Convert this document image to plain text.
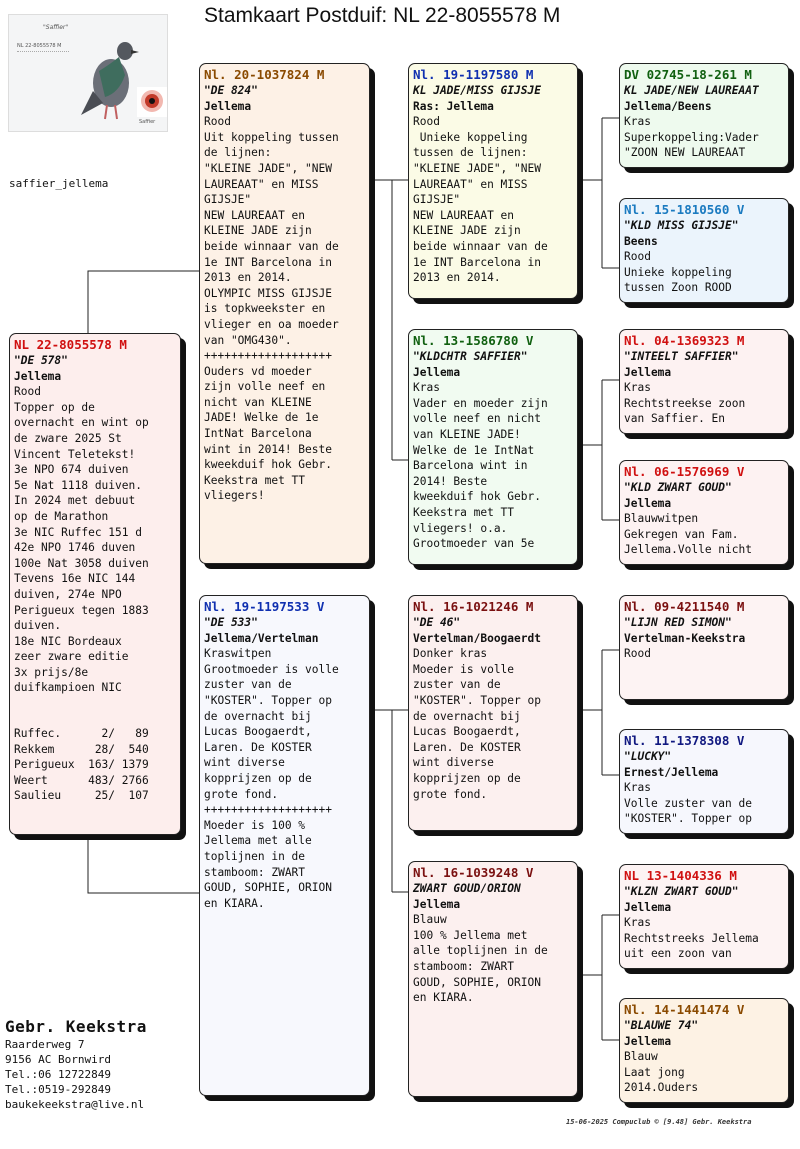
Stamkaart Postduif: NL 22-8055578 M
"Saffier"
NL 22-8055578 M
Saffier
saffier_jellema
NL 22-8055578 M
"DE 578"
Jellema
Rood
Topper op de
overnacht en wint op
de zware 2025 St
Vincent Teletekst!
3e NPO 674 duiven
5e Nat 1118 duiven.
In 2024 met debuut
op de Marathon
3e NIC Ruffec 151 d
42e NPO 1746 duven
100e Nat 3058 duiven
Tevens 16e NIC 144
duiven, 274e NPO
Perigueux tegen 1883
duiven.
18e NIC Bordeaux
zeer zware editie
3x prijs/8e
duifkampioen NIC
Ruffec.      2/   89
Rekkem      28/  540
Perigueux  163/ 1379
Weert      483/ 2766
Saulieu     25/  107
Nl. 20-1037824 M
"DE 824"
Jellema
Rood
Uit koppeling tussen
de lijnen:
"KLEINE JADE", "NEW
LAUREAAT" en MISS
GIJSJE"
NEW LAUREAAT en
KLEINE JADE zijn
beide winnaar van de
1e INT Barcelona in
2013 en 2014.
OLYMPIC MISS GIJSJE
is topkweekster en
vlieger en oa moeder
van "OMG430".
+++++++++++++++++++
Ouders vd moeder
zijn volle neef en
nicht van KLEINE
JADE! Welke de 1e
IntNat Barcelona
wint in 2014! Beste
kweekduif hok Gebr.
Keekstra met TT
vliegers!
Nl. 19-1197533 V
"DE 533"
Jellema/Vertelman
Kraswitpen
Grootmoeder is volle
zuster van de
"KOSTER". Topper op
de overnacht bij
Lucas Boogaerdt,
Laren. De KOSTER
wint diverse
kopprijzen op de
grote fond.
+++++++++++++++++++
Moeder is 100 %
Jellema met alle
toplijnen in de
stamboom: ZWART
GOUD, SOPHIE, ORION
en KIARA.
Nl. 19-1197580 M
KL JADE/MISS GIJSJE
Ras: Jellema
Rood
Unieke koppeling
tussen de lijnen:
"KLEINE JADE", "NEW
LAUREAAT" en MISS
GIJSJE"
NEW LAUREAAT en
KLEINE JADE zijn
beide winnaar van de
1e INT Barcelona in
2013 en 2014.
Nl. 13-1586780 V
"KLDCHTR SAFFIER"
Jellema
Kras
Vader en moeder zijn
volle neef en nicht
van KLEINE JADE!
Welke de 1e IntNat
Barcelona wint in
2014! Beste
kweekduif hok Gebr.
Keekstra met TT
vliegers! o.a.
Grootmoeder van 5e
Nl. 16-1021246 M
"DE 46"
Vertelman/Boogaerdt
Donker kras
Moeder is volle
zuster van de
"KOSTER". Topper op
de overnacht bij
Lucas Boogaerdt,
Laren. De KOSTER
wint diverse
kopprijzen op de
grote fond.
Nl. 16-1039248 V
ZWART GOUD/ORION
Jellema
Blauw
100 % Jellema met
alle toplijnen in de
stamboom: ZWART
GOUD, SOPHIE, ORION
en KIARA.
DV 02745-18-261 M
KL JADE/NEW LAUREAAT
Jellema/Beens
Kras
Superkoppeling:Vader
"ZOON NEW LAUREAAT
Nl. 15-1810560 V
"KLD MISS GIJSJE"
Beens
Rood
Unieke koppeling
tussen Zoon ROOD
Nl. 04-1369323 M
"INTEELT SAFFIER"
Jellema
Kras
Rechtstreekse zoon
van Saffier. En
Nl. 06-1576969 V
"KLD ZWART GOUD"
Jellema
Blauwwitpen
Gekregen van Fam.
Jellema.Volle nicht
Nl. 09-4211540 M
"LIJN RED SIMON"
Vertelman-Keekstra
Rood
Nl. 11-1378308 V
"LUCKY"
Ernest/Jellema
Kras
Volle zuster van de
"KOSTER". Topper op
NL 13-1404336 M
"KLZN ZWART GOUD"
Jellema
Kras
Rechtstreeks Jellema
uit een zoon van
Nl. 14-1441474 V
"BLAUWE 74"
Jellema
Blauw
Laat jong
2014.Ouders
Gebr. Keekstra
Raarderweg 7
9156 AC Bornwird
Tel.:06 12722849
Tel.:0519-292849
baukekeekstra@live.nl
15-06-2025 Compuclub © [9.48] Gebr. Keekstra
